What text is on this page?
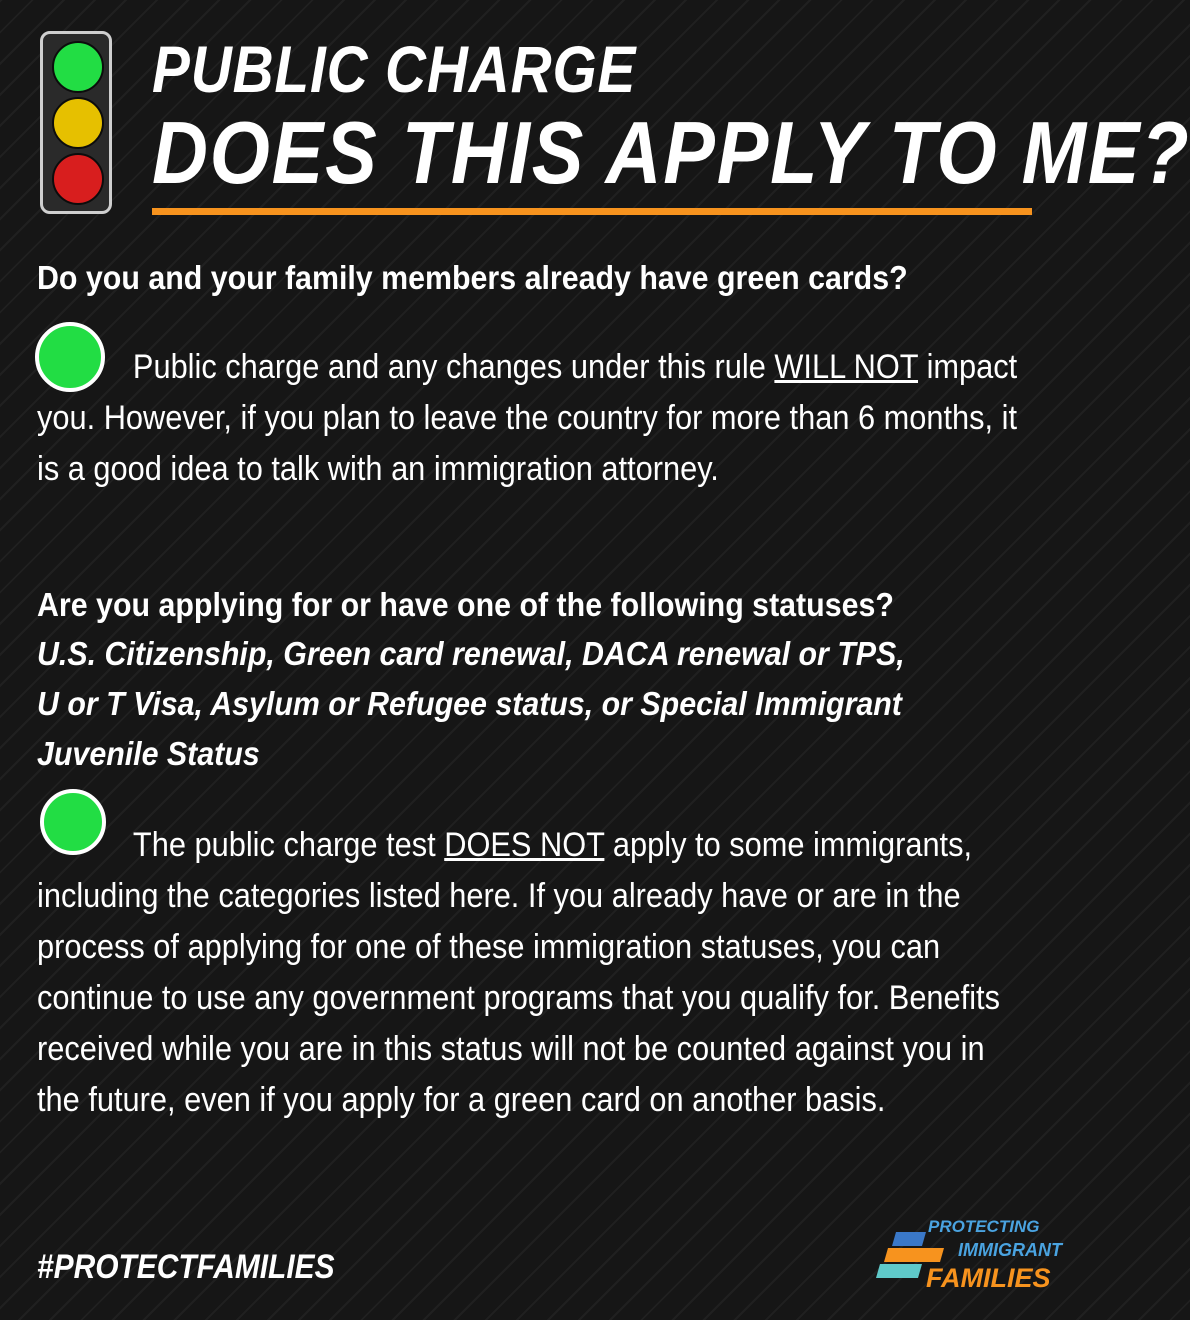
PUBLIC CHARGE
DOES THIS APPLY TO ME?
Do you and your family members already have green cards?
Public charge and any changes under this rule WILL NOT impact you. However, if you plan to leave the country for more than 6 months, it is a good idea to talk with an immigration attorney.
Are you applying for or have one of the following statuses?
U.S. Citizenship, Green card renewal, DACA renewal or TPS,
U or T Visa, Asylum or Refugee status, or Special Immigrant
Juvenile Status
The public charge test DOES NOT apply to some immigrants, including the categories listed here. If you already have or are in the process of applying for one of these immigration statuses, you can continue to use any government programs that you qualify for. Benefits received while you are in this status will not be counted against you in the future, even if you apply for a green card on another basis.
#PROTECTFAMILIES
PROTECTING
IMMIGRANT
FAMILIES
